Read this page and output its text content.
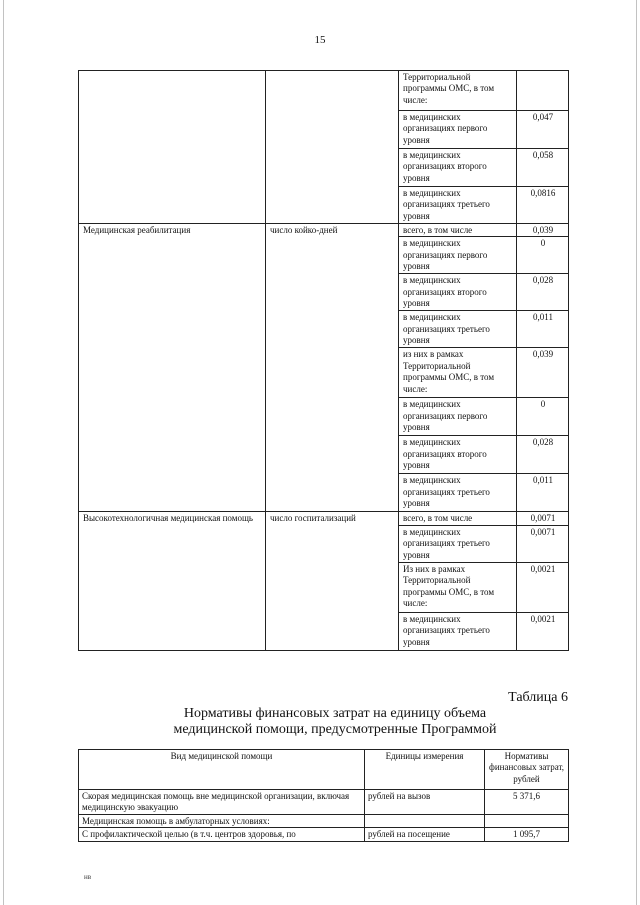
15
		Территориальной программы ОМС, в том числе:	
		в медицинских организациях первого уровня	0,047
		в медицинских организациях второго уровня	0,058
		в медицинских организациях третьего уровня	0,0816
Медицинская реабилитация	число койко-дней	всего, в том числе	0,039
		в медицинских организациях первого уровня	0
		в медицинских организациях второго уровня	0,028
		в медицинских организациях третьего уровня	0,011
		из них в рамках Территориальной программы ОМС, в том числе:	0,039
		в медицинских организациях первого уровня	0
		в медицинских организациях второго уровня	0,028
		в медицинских организациях третьего уровня	0,011
Высокотехнологичная медицинская помощь	число госпитализаций	всего, в том числе	0,0071
		в медицинских организациях третьего уровня	0,0071
		Из них в рамках Территориальной программы ОМС, в том числе:	0,0021
		в медицинских организациях третьего уровня	0,0021
Таблица 6
Нормативы финансовых затрат на единицу объема
медицинской помощи, предусмотренные Программой
Вид медицинской помощи	Единицы измерения	Нормативы финансовых затрат, рублей
Скорая медицинская помощь вне медицинской организации, включая медицинскую эвакуацию	рублей на вызов	5 371,6
Медицинская помощь в амбулаторных условиях:		
С профилактической целью (в т.ч. центров здоровья, по	рублей на посещение	1 095,7
нв
